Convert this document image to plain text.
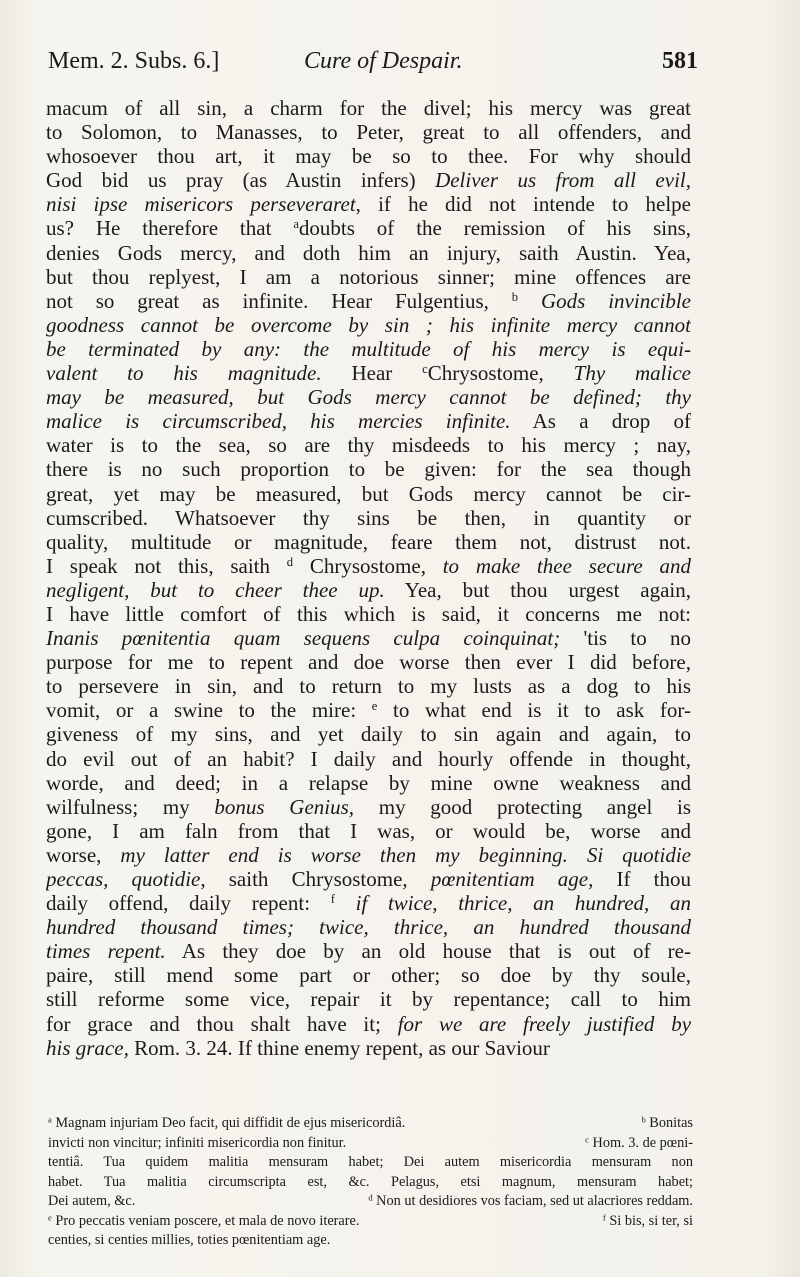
Mem. 2. Subs. 6.]	Cure of Despair.	581
macum of all sin, a charm for the divel; his mercy was great
to Solomon, to Manasses, to Peter, great to all offenders, and
whosoever thou art, it may be so to thee. For why should
God bid us pray (as Austin infers) Deliver us from all evil,
nisi ipse misericors perseveraret, if he did not intende to helpe
us? He therefore that $^a$doubts of the remission of his sins,
denies Gods mercy, and doth him an injury, saith Austin. Yea,
but thou replyest, I am a notorious sinner; mine offences are
not so great as infinite. Hear Fulgentius, $^b$ Gods invincible
goodness cannot be overcome by sin ; his infinite mercy cannot
be terminated by any: the multitude of his mercy is equi-
valent to his magnitude. Hear $^c$Chrysostome, Thy malice
may be measured, but Gods mercy cannot be defined; thy
malice is circumscribed, his mercies infinite. As a drop of
water is to the sea, so are thy misdeeds to his mercy ; nay,
there is no such proportion to be given: for the sea though
great, yet may be measured, but Gods mercy cannot be cir-
cumscribed. Whatsoever thy sins be then, in quantity or
quality, multitude or magnitude, feare them not, distrust not.
I speak not this, saith $^d$ Chrysostome, to make thee secure and
negligent, but to cheer thee up. Yea, but thou urgest again,
I have little comfort of this which is said, it concerns me not:
Inanis pœnitentia quam sequens culpa coinquinat; 'tis to no
purpose for me to repent and doe worse then ever I did before,
to persevere in sin, and to return to my lusts as a dog to his
vomit, or a swine to the mire: $^e$ to what end is it to ask for-
giveness of my sins, and yet daily to sin again and again, to
do evil out of an habit? I daily and hourly offende in thought,
worde, and deed; in a relapse by mine owne weakness and
wilfulness; my bonus Genius, my good protecting angel is
gone, I am faln from that I was, or would be, worse and
worse, my latter end is worse then my beginning. Si quotidie
peccas, quotidie, saith Chrysostome, pœnitentiam age, If thou
daily offend, daily repent: $^f$ if twice, thrice, an hundred, an
hundred thousand times; twice, thrice, an hundred thousand
times repent. As they doe by an old house that is out of re-
paire, still mend some part or other; so doe by thy soule,
still reforme some vice, repair it by repentance; call to him
for grace and thou shalt have it; for we are freely justified by
his grace, Rom. 3. 24. If thine enemy repent, as our Saviour
$^a$ Magnam injuriam Deo facit, qui diffidit de ejus misericordiâ.	$^b$ Bonitas
invicti non vincitur; infiniti misericordia non finitur.	$^c$ Hom. 3. de pœni-
tentiâ. Tua quidem malitia mensuram habet; Dei autem misericordia mensuram non
habet. Tua malitia circumscripta est, &c. Pelagus, etsi magnum, mensuram habet;
Dei autem, &c.	$^d$ Non ut desidiores vos faciam, sed ut alacriores reddam.
$^e$ Pro peccatis veniam poscere, et mala de novo iterare.	$^f$ Si bis, si ter, si
centies, si centies millies, toties pœnitentiam age.
